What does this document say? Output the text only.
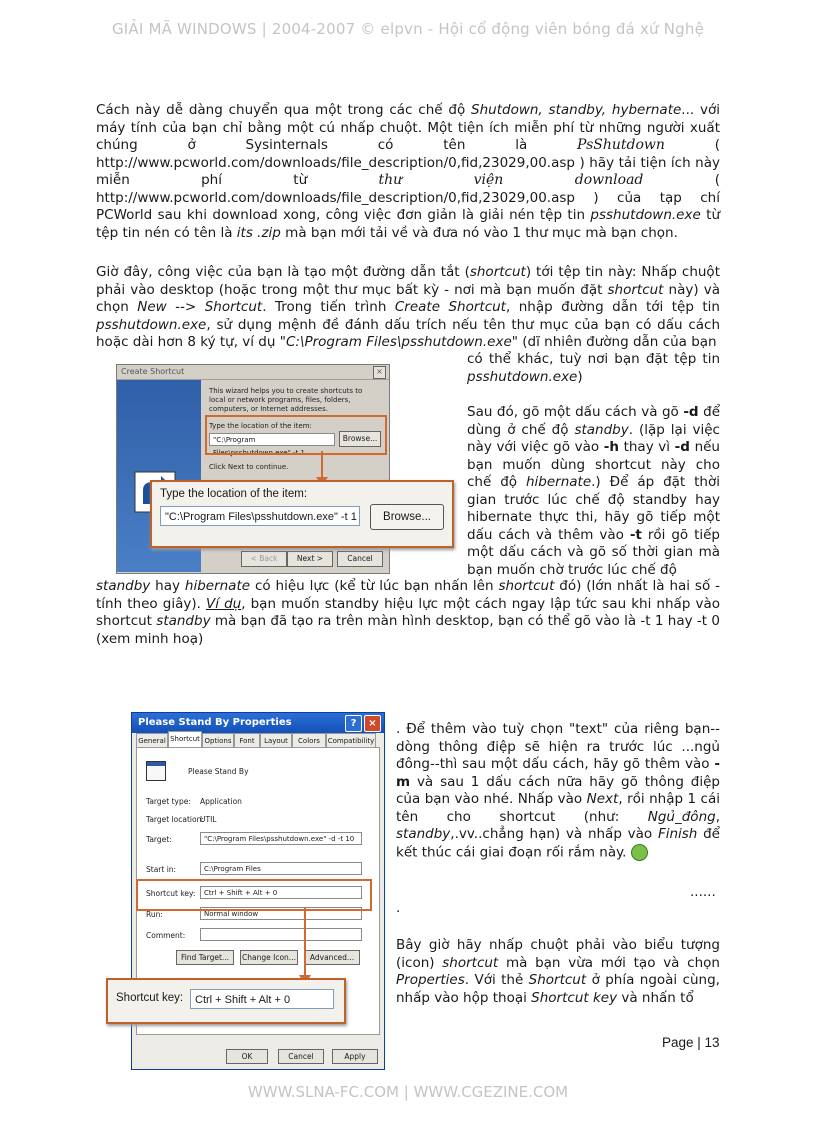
GIẢI MÃ WINDOWS | 2004-2007 © elpvn - Hội cổ động viên bóng đá xứ Nghệ

Cách này dễ dàng chuyển qua một trong các chế độ Shutdown, standby, hybernate... với máy tính của bạn chỉ bằng một cú nhấp chuột. Một tiện ích miễn phí từ những người xuất chúng ở Sysinternals có tên là PsShutdown ( http://www.pcworld.com/downloads/file_description/0,fid,23029,00.asp ) hãy tải tiện ích này miễn phí từ thư viện download ( http://www.pcworld.com/downloads/file_description/0,fid,23029,00.asp ) của tạp chí PCWorld sau khi download xong, công việc đơn giản là giải nén tệp tin psshutdown.exe từ tệp tin nén có tên là its .zip mà bạn mới tải về và đưa nó vào 1 thư mục mà bạn chọn.

Giờ đây, công việc của bạn là tạo một đường dẫn tắt (shortcut) tới tệp tin này: Nhấp chuột phải vào desktop (hoặc trong một thư mục bất kỳ - nơi mà bạn muốn đặt shortcut này) và chọn New --> Shortcut. Trong tiến trình Create Shortcut, nhập đường dẫn tới tệp tin psshutdown.exe, sử dụng mệnh đề đánh dấu trích nếu tên thư mục của bạn có dấu cách hoặc dài hơn 8 ký tự, ví dụ "C:\Program Files\psshutdown.exe" (dĩ nhiên đường dẫn của bạn

có thể khác, tuỳ nơi bạn đặt tệp tin psshutdown.exe)

Sau đó, gõ một dấu cách và gõ -d để dùng ở chế độ standby. (lặp lại việc này với việc gõ vào -h thay vì -d nếu bạn muốn dùng shortcut này cho chế độ hibernate.) Để áp đặt thời gian trước lúc chế độ standby hay hibernate thực thi, hãy gõ tiếp một dấu cách và thêm vào -t rồi gõ tiếp một dấu cách và gõ số thời gian mà bạn muốn chờ trước lúc chế độ

standby hay hibernate có hiệu lực (kể từ lúc bạn nhấn lên shortcut đó) (lớn nhất là hai số - tính theo giây). Ví dụ, bạn muốn standby hiệu lực một cách ngay lập tức sau khi nhấp vào shortcut standby mà bạn đã tạo ra trên màn hình desktop, bạn có thể gõ vào là -t 1 hay -t 0 (xem minh hoạ)

Create Shortcut	×
This wizard helps you to create shortcuts to local or network programs, files, folders, computers, or Internet addresses.
Type the location of the item:
"C:\Program Files\psshutdown.exe" -t 1
Browse...
Click Next to continue.
< Back	Next >	Cancel
Type the location of the item:
"C:\Program Files\psshutdown.exe" -t 1	Browse...
Please Stand By Properties	?	×
General Shortcut Options	Font	Layout	Colors	Compatibility
Please Stand By
Target type: Application
Target location:
UTIL
Target:	"C:\Program Files\psshutdown.exe" -d -t 10
Start in:	C:\Program Files
Shortcut key:	Ctrl + Shift + Alt + 0
Run:	Normal window
Comment:
Find Target...	Change Icon...	Advanced...
OK	Cancel	Apply
Shortcut key:	Ctrl + Shift + Alt + 0

. Để thêm vào tuỳ chọn "text" của riêng bạn--dòng thông điệp sẽ hiện ra trước lúc ...ngủ đông--thì sau một dấu cách, hãy gõ thêm vào -m và sau 1 dấu cách nữa hãy gõ thông điệp của bạn vào nhé. Nhấp vào Next, rồi nhập 1 cái tên cho shortcut (như: Ngủ_đông, standby,.vv..chẳng hạn) và nhấp vào Finish để kết thúc cái giai đoạn rối rắm này.

......
.

Bây giờ hãy nhấp chuột phải vào biểu tượng (icon) shortcut mà bạn vừa mới tạo và chọn Properties. Với thẻ Shortcut ở phía ngoài cùng, nhấp vào hộp thoại Shortcut key và nhấn tổ

Page | 13
WWW.SLNA-FC.COM | WWW.CGEZINE.COM
